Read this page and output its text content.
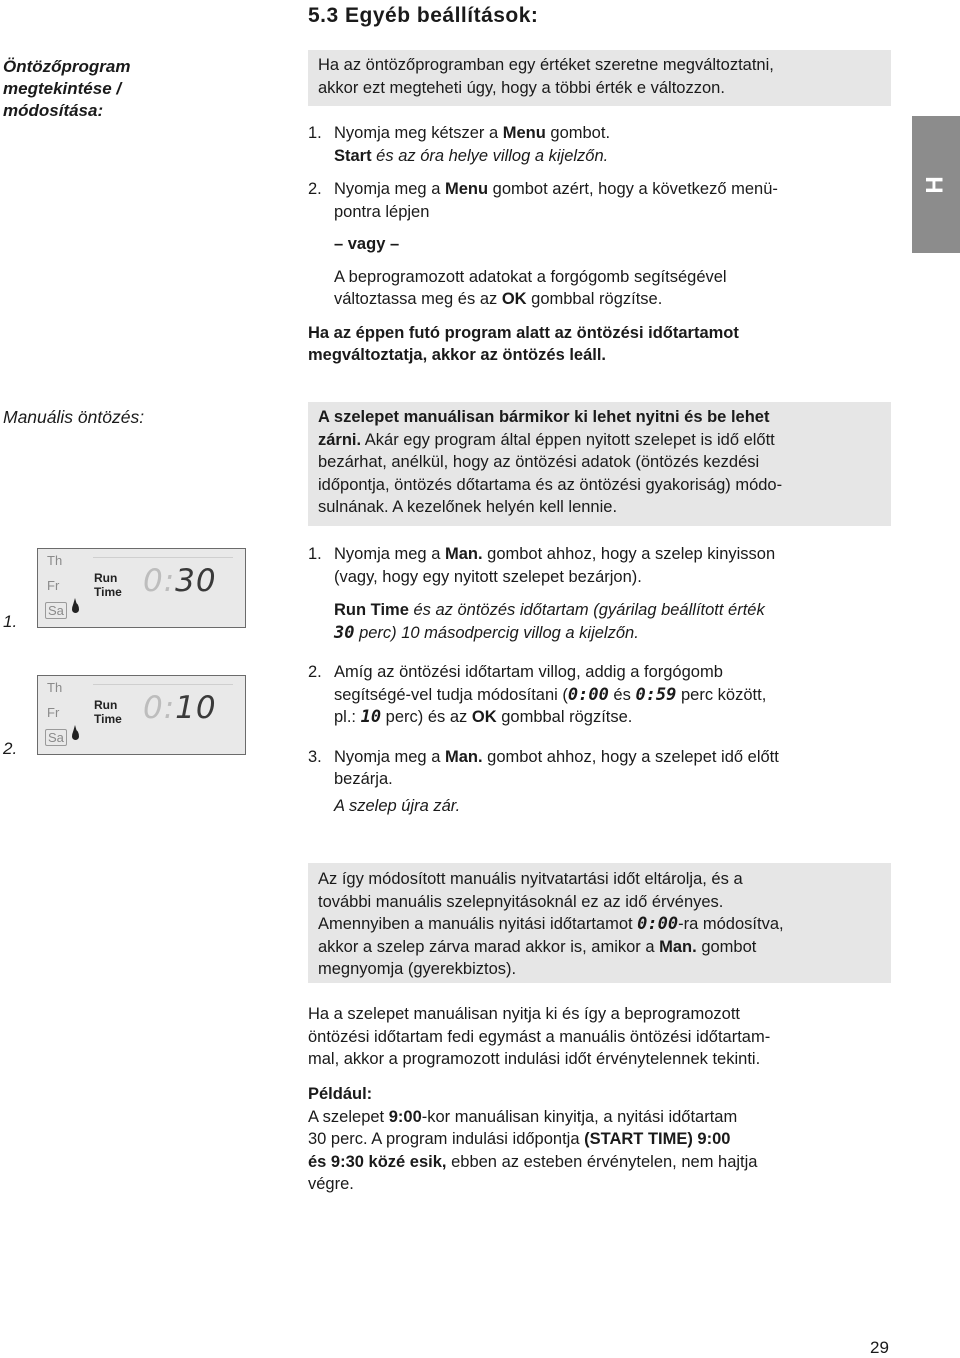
5.3 Egyéb beállítások:
H
Öntözőprogram
megtekintése /
módosítása:
Ha az öntözőprogramban egy értéket szeretne megváltoztatni,
akkor ezt megteheti úgy, hogy a többi érték e változzon.
1. Nyomja meg kétszer a Menu gombot.
Start és az óra helye villog a kijelzőn.
2. Nyomja meg a Menu gombot azért, hogy a következő menü-
pontra lépjen
– vagy –
A beprogramozott adatokat a forgógomb segítségével
változtassa meg és az OK gombbal rögzítse.
Ha az éppen futó program alatt az öntözési időtartamot
megváltoztatja, akkor az öntözés leáll.
Manuális öntözés:	A szelepet manuálisan bármikor ki lehet nyitni és be lehet
zárni. Akár egy program által éppen nyitott szelepet is idő előtt
bezárhat, anélkül, hogy az öntözési adatok (öntözés kezdési
időpontja, öntözés dőtartama és az öntözési gyakoriság) módo-
sulnának. A kezelőnek helyén kell lennie.
1.
Th
Fr
Sa
Run
Time 0:30
2.
Th
Fr
Sa
Run
Time 0:10
1. Nyomja meg a Man. gombot ahhoz, hogy a szelep kinyisson
(vagy, hogy egy nyitott szelepet bezárjon).
Run Time és az öntözés időtartam (gyárilag beállított érték
30 perc) 10 másodpercig villog a kijelzőn.
2. Amíg az öntözési időtartam villog, addig a forgógomb
segítségé-vel tudja módosítani (0:00 és 0:59 perc között,
pl.: 10 perc) és az OK gombbal rögzítse.
3. Nyomja meg a Man. gombot ahhoz, hogy a szelepet idő előtt
bezárja.
A szelep újra zár.
Az így módosított manuális nyitvatartási időt eltárolja, és a
további manuális szelepnyitásoknál ez az idő érvényes.
Amennyiben a manuális nyitási időtartamot 0:00-ra módosítva,
akkor a szelep zárva marad akkor is, amikor a Man. gombot
megnyomja (gyerekbiztos).
Ha a szelepet manuálisan nyitja ki és így a beprogramozott
öntözési időtartam fedi egymást a manuális öntözési időtartam-
mal, akkor a programozott indulási időt érvénytelennek tekinti.
Például:
A szelepet 9:00-kor manuálisan kinyitja, a nyitási időtartam
30 perc. A program indulási időpontja (START TIME) 9:00
és 9:30 közé esik, ebben az esteben érvénytelen, nem hajtja
végre.
29
